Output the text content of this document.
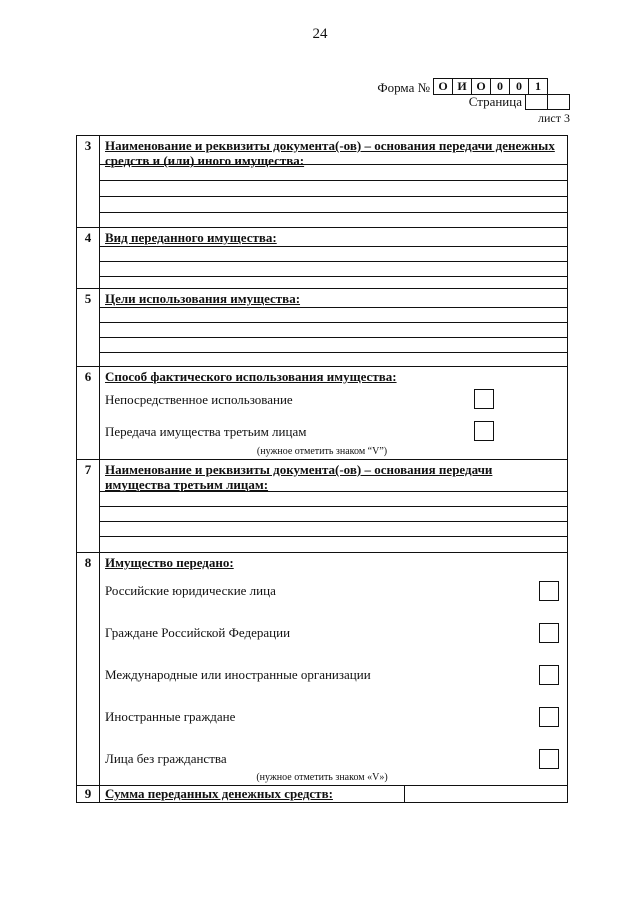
24
Форма № О И О 0	0	1
Страница
лист 3
3	Наименование и реквизиты документа(-ов) – основания передачи денежных средств и (или) иного имущества:
4	Вид переданного имущества:
5	Цели использования имущества:
6	Способ фактического использования имущества:
Непосредственное использование
Передача имущества третьим лицам
(нужное отметить знаком “V”)
7	Наименование и реквизиты документа(-ов) – основания передачи имущества третьим лицам:
8	Имущество передано:
Российские юридические лица
Граждане Российской Федерации
Международные или иностранные организации
Иностранные граждане
Лица без гражданства
(нужное отметить знаком «V»)
9	Сумма переданных денежных средств:
